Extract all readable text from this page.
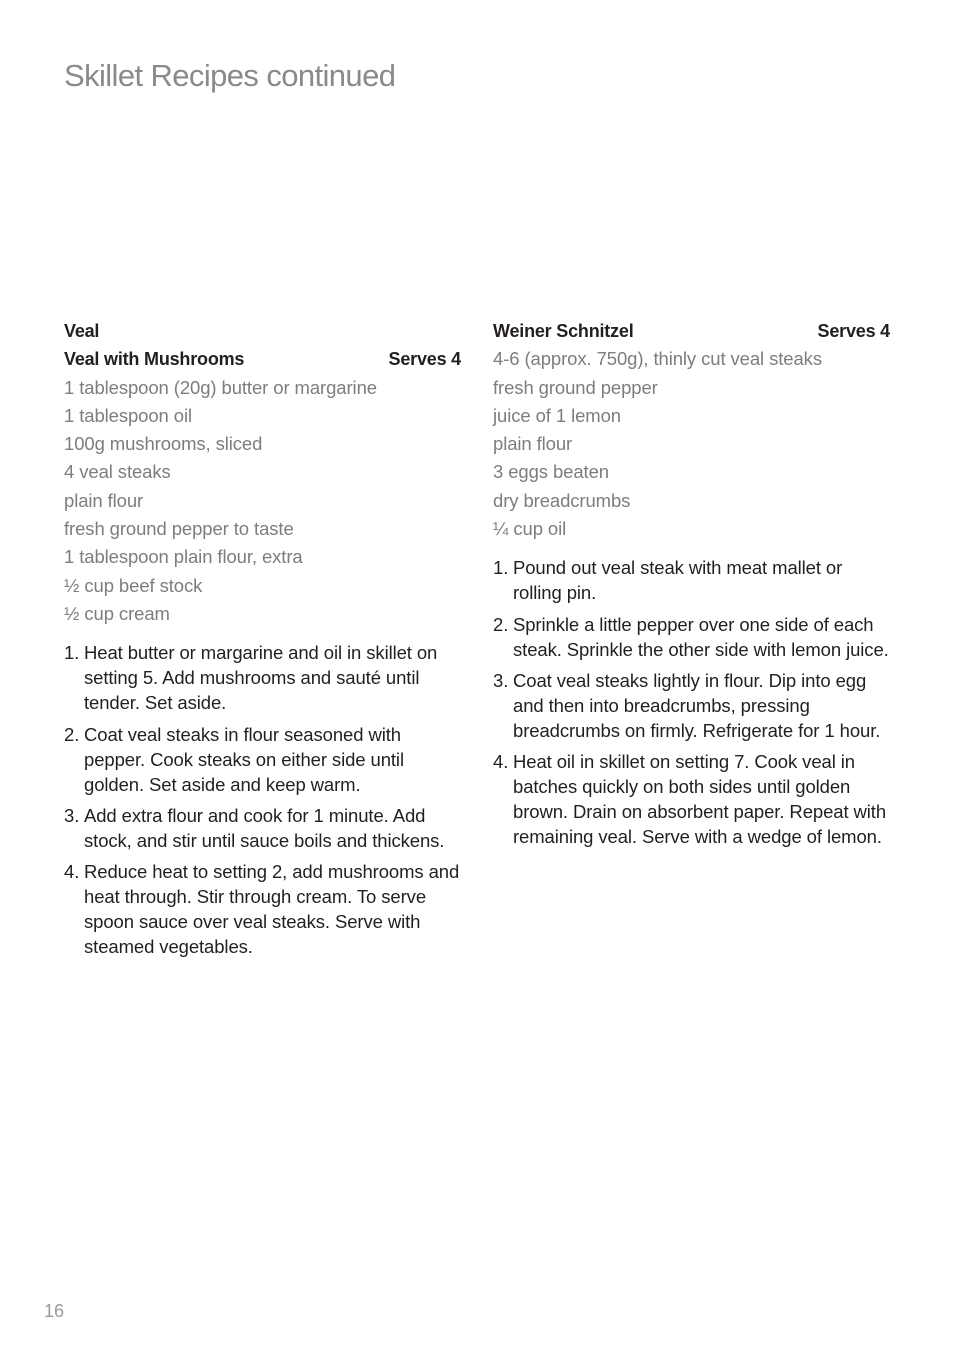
Skillet Recipes continued
Veal
Veal with Mushrooms	Serves 4
1 tablespoon (20g) butter or margarine
1 tablespoon oil
100g mushrooms, sliced
4 veal steaks
plain flour
fresh ground pepper to taste
1 tablespoon plain flour, extra
½ cup beef stock
½ cup cream
1. Heat butter or margarine and oil in skillet on setting 5. Add mushrooms and sauté until tender. Set aside.
2. Coat veal steaks in flour seasoned with pepper. Cook steaks on either side until golden. Set aside and keep warm.
3. Add extra flour and cook for 1 minute. Add stock, and stir until sauce boils and thickens.
4. Reduce heat to setting 2, add mushrooms and heat through. Stir through cream. To serve spoon sauce over veal steaks. Serve with steamed vegetables.
Weiner Schnitzel	Serves 4
4-6 (approx. 750g), thinly cut veal steaks
fresh ground pepper
juice of 1 lemon
plain flour
3 eggs beaten
dry breadcrumbs
¼ cup oil
1. Pound out veal steak with meat mallet or rolling pin.
2. Sprinkle a little pepper over one side of each steak. Sprinkle the other side with lemon juice.
3. Coat veal steaks lightly in flour. Dip into egg and then into breadcrumbs, pressing breadcrumbs on firmly. Refrigerate for 1 hour.
4. Heat oil in skillet on setting 7. Cook veal in batches quickly on both sides until golden brown. Drain on absorbent paper. Repeat with remaining veal. Serve with a wedge of lemon.
16
